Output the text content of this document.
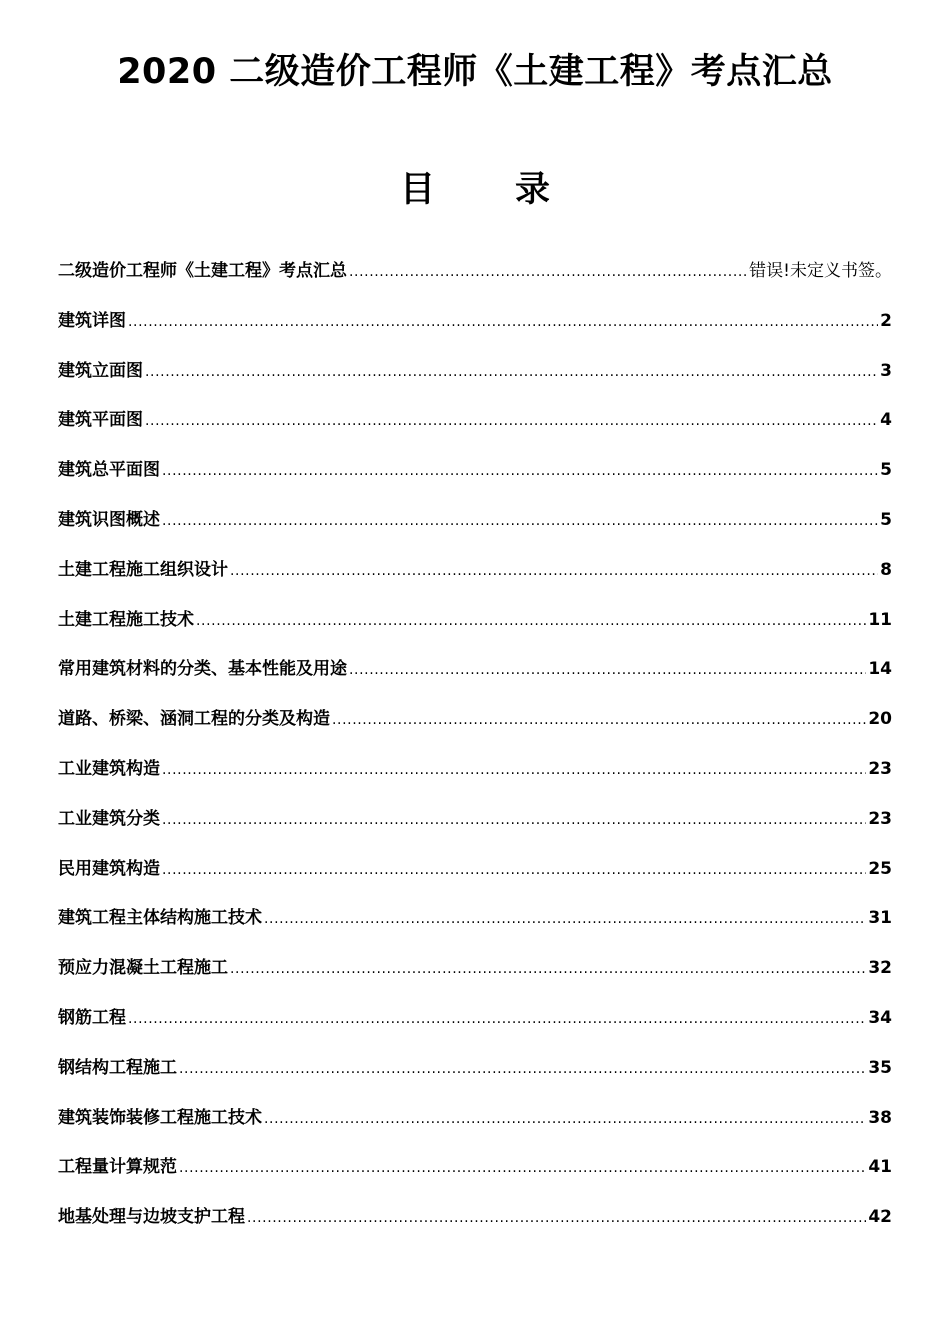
2020 二级造价工程师《土建工程》考点汇总
目 录
二级造价工程师《土建工程》考点汇总 .....	错误!未定义书签。
建筑详图 .....	2
建筑立面图 .....	3
建筑平面图 .....	4
建筑总平面图 .....	5
建筑识图概述 .....	5
土建工程施工组织设计 .....	8
土建工程施工技术 .....	11
常用建筑材料的分类、基本性能及用途 .....	14
道路、桥梁、涵洞工程的分类及构造 .....	20
工业建筑构造 .....	23
工业建筑分类 .....	23
民用建筑构造 .....	25
建筑工程主体结构施工技术 .....	31
预应力混凝土工程施工 .....	32
钢筋工程 .....	34
钢结构工程施工 .....	35
建筑装饰装修工程施工技术 .....	38
工程量计算规范 .....	41
地基处理与边坡支护工程 .....	42
